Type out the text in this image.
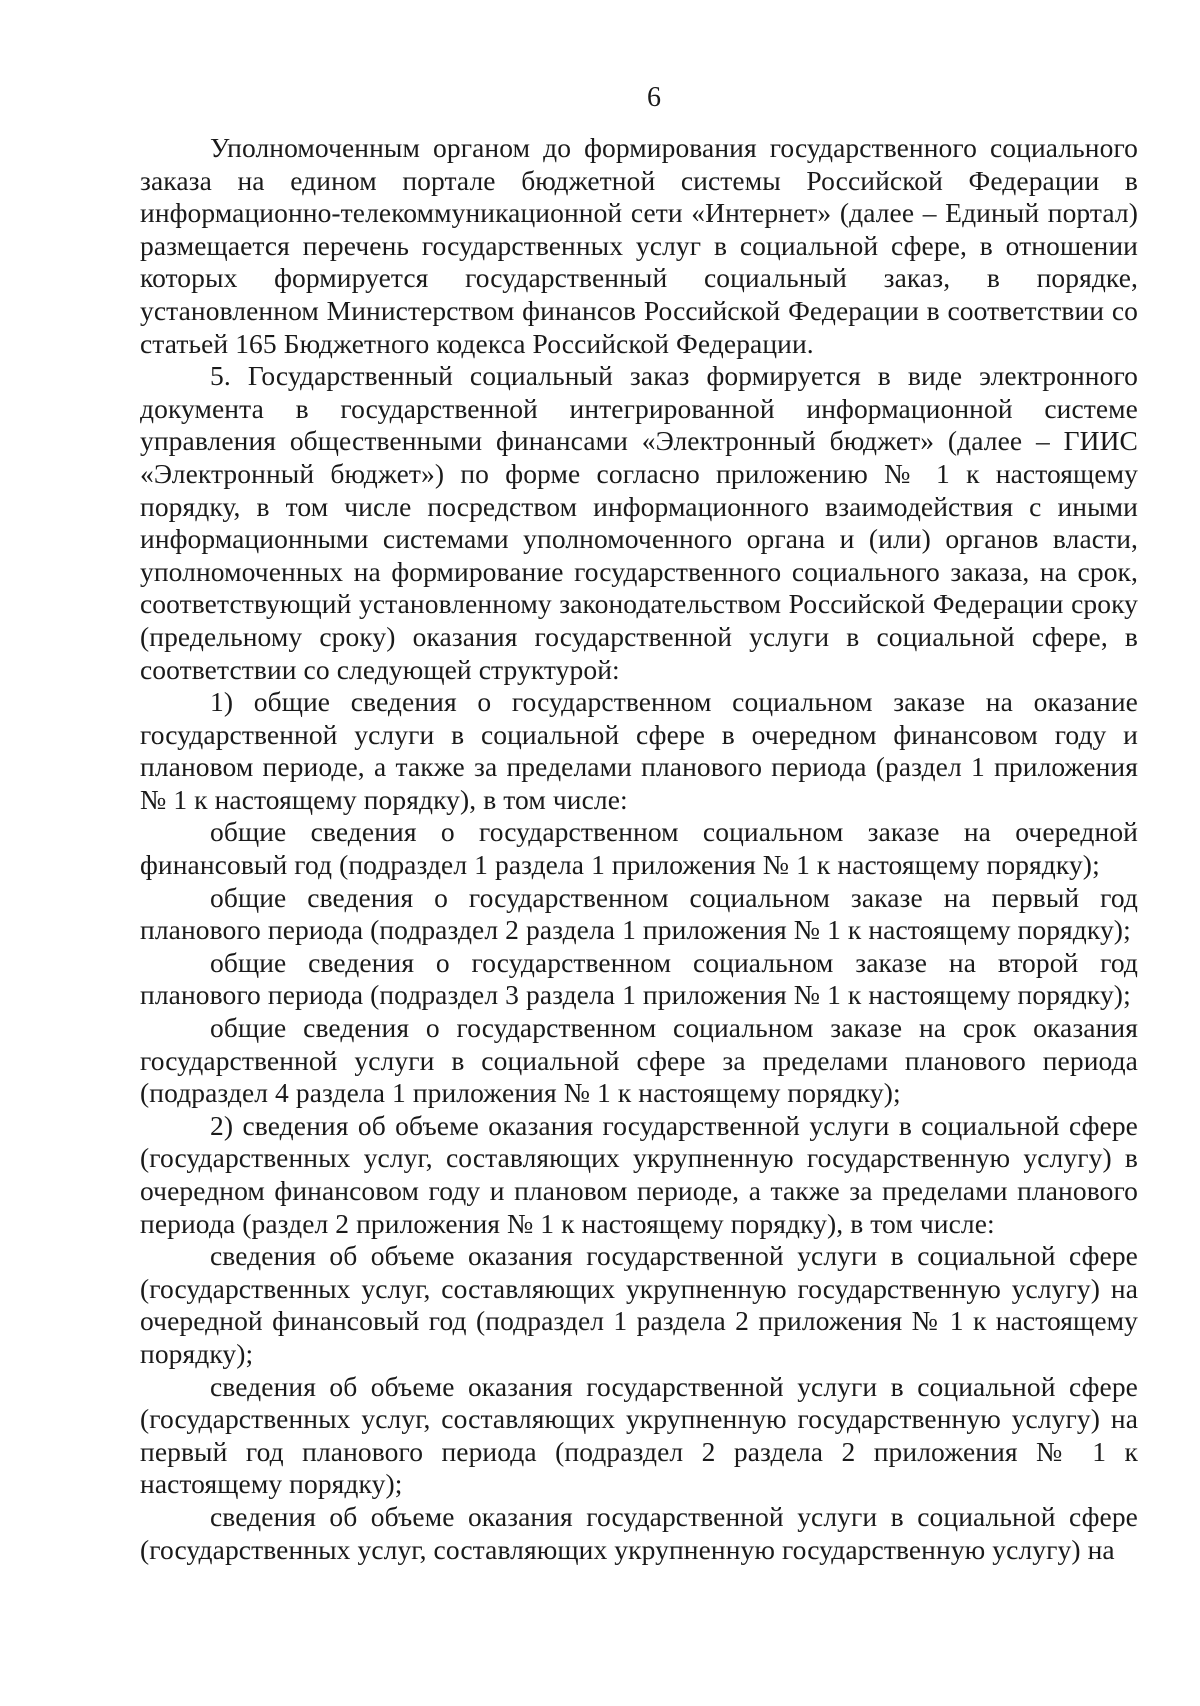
6

Уполномоченным органом до формирования государственного социального заказа на едином портале бюджетной системы Российской Федерации в информационно-телекоммуникационной сети «Интернет» (далее – Единый портал) размещается перечень государственных услуг в социальной сфере, в отношении которых формируется государственный социальный заказ, в порядке, установленном Министерством финансов Российской Федерации в соответствии со статьей 165 Бюджетного кодекса Российской Федерации.

5. Государственный социальный заказ формируется в виде электронного документа в государственной интегрированной информационной системе управления общественными финансами «Электронный бюджет» (далее – ГИИС «Электронный бюджет») по форме согласно приложению № 1 к настоящему порядку, в том числе посредством информационного взаимодействия с иными информационными системами уполномоченного органа и (или) органов власти, уполномоченных на формирование государственного социального заказа, на срок, соответствующий установленному законодательством Российской Федерации сроку (предельному сроку) оказания государственной услуги в социальной сфере, в соответствии со следующей структурой:

1) общие сведения о государственном социальном заказе на оказание государственной услуги в социальной сфере в очередном финансовом году и плановом периоде, а также за пределами планового периода (раздел 1 приложения № 1 к настоящему порядку), в том числе:

общие сведения о государственном социальном заказе на очередной финансовый год (подраздел 1 раздела 1 приложения № 1 к настоящему порядку);

общие сведения о государственном социальном заказе на первый год планового периода (подраздел 2 раздела 1 приложения № 1 к настоящему порядку);

общие сведения о государственном социальном заказе на второй год планового периода (подраздел 3 раздела 1 приложения № 1 к настоящему порядку);

общие сведения о государственном социальном заказе на срок оказания государственной услуги в социальной сфере за пределами планового периода (подраздел 4 раздела 1 приложения № 1 к настоящему порядку);

2) сведения об объеме оказания государственной услуги в социальной сфере (государственных услуг, составляющих укрупненную государственную услугу) в очередном финансовом году и плановом периоде, а также за пределами планового периода (раздел 2 приложения № 1 к настоящему порядку), в том числе:

сведения об объеме оказания государственной услуги в социальной сфере (государственных услуг, составляющих укрупненную государственную услугу) на очередной финансовый год (подраздел 1 раздела 2 приложения № 1 к настоящему порядку);

сведения об объеме оказания государственной услуги в социальной сфере (государственных услуг, составляющих укрупненную государственную услугу) на первый год планового периода (подраздел 2 раздела 2 приложения № 1 к настоящему порядку);

сведения об объеме оказания государственной услуги в социальной сфере (государственных услуг, составляющих укрупненную государственную услугу) на
